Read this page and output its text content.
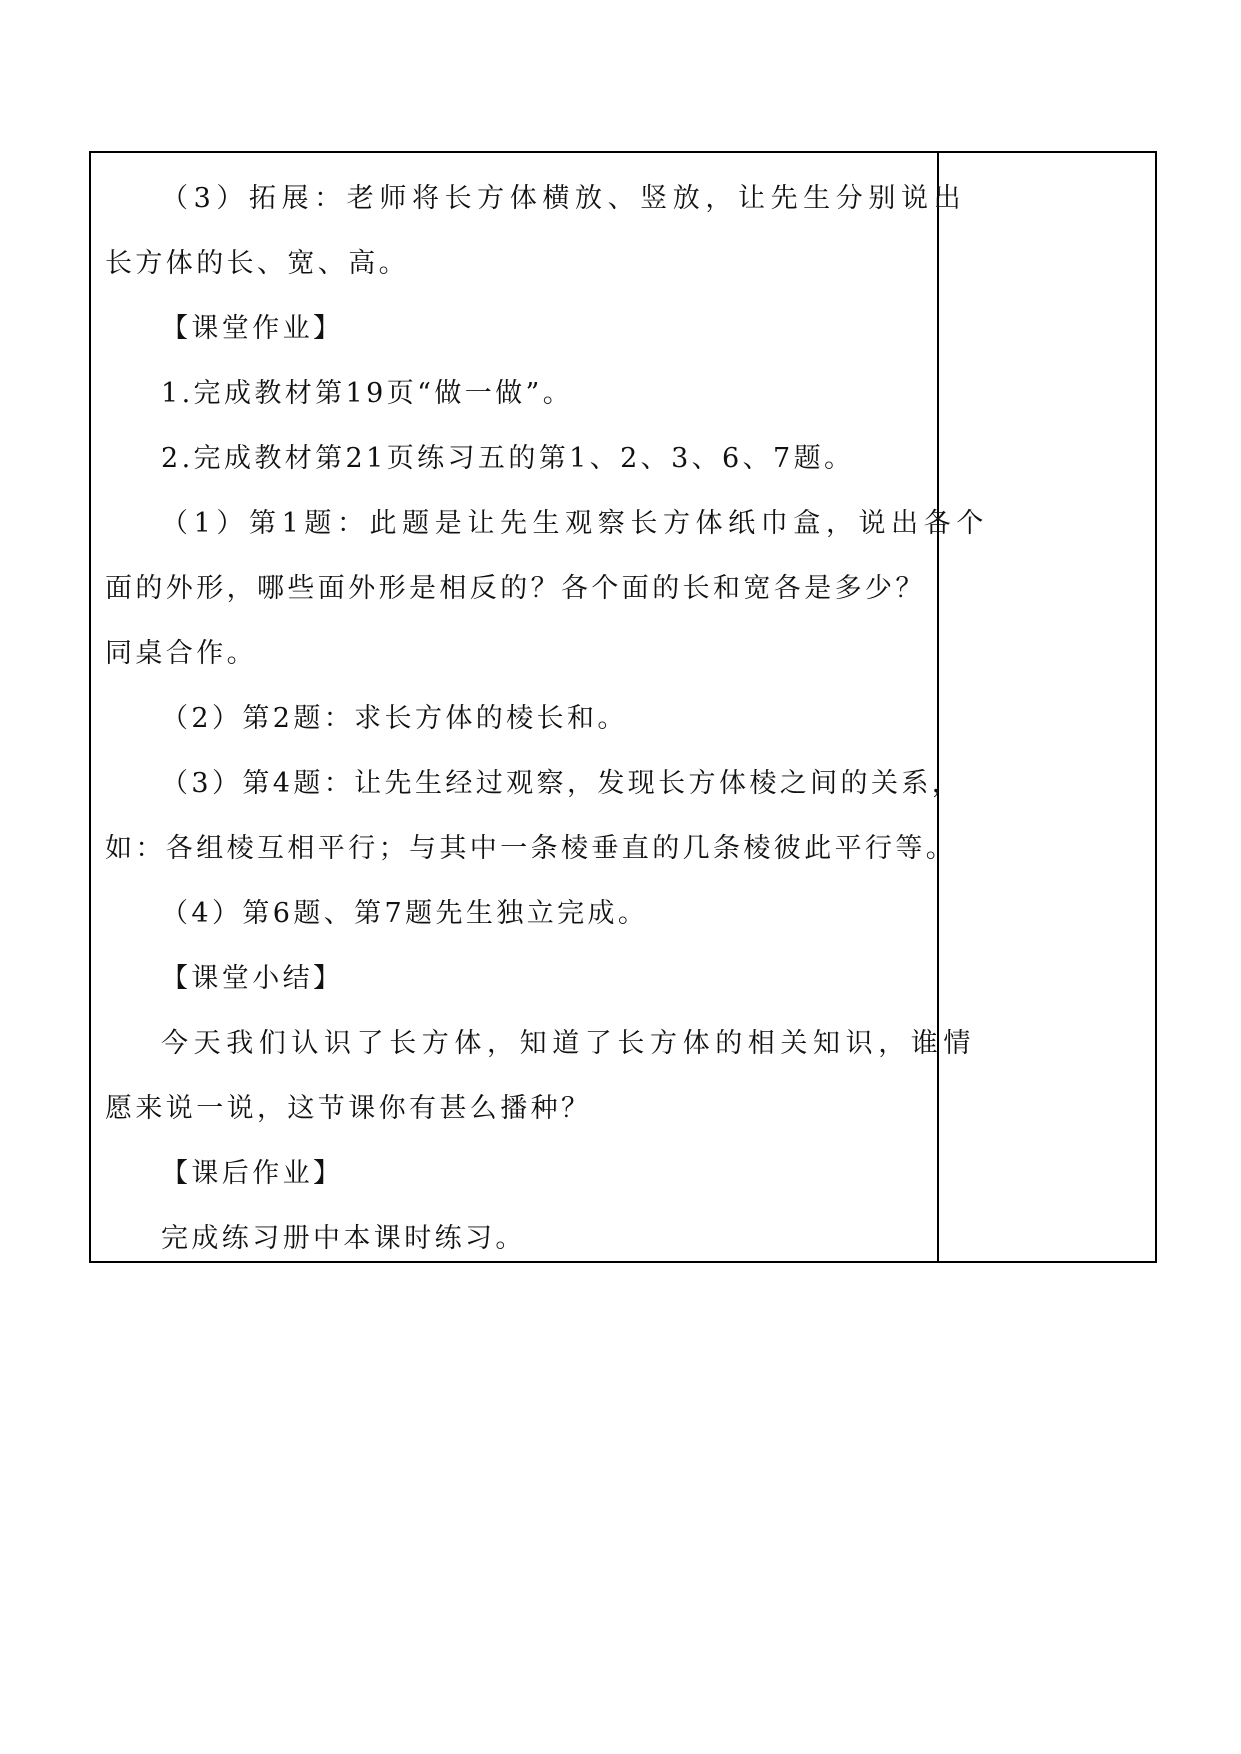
（3）拓展：老师将长方体横放、竖放，让先生分别说出
长方体的长、宽、高。
【课堂作业】
1.完成教材第19页“做一做”。
2.完成教材第21页练习五的第1、2、3、6、7题。
（1）第1题：此题是让先生观察长方体纸巾盒，说出各个
面的外形，哪些面外形是相反的？各个面的长和宽各是多少？
同桌合作。
（2）第2题：求长方体的棱长和。
（3）第4题：让先生经过观察，发现长方体棱之间的关系，
如：各组棱互相平行；与其中一条棱垂直的几条棱彼此平行等。
（4）第6题、第7题先生独立完成。
【课堂小结】
今天我们认识了长方体，知道了长方体的相关知识，谁情
愿来说一说，这节课你有甚么播种？
【课后作业】
完成练习册中本课时练习。
